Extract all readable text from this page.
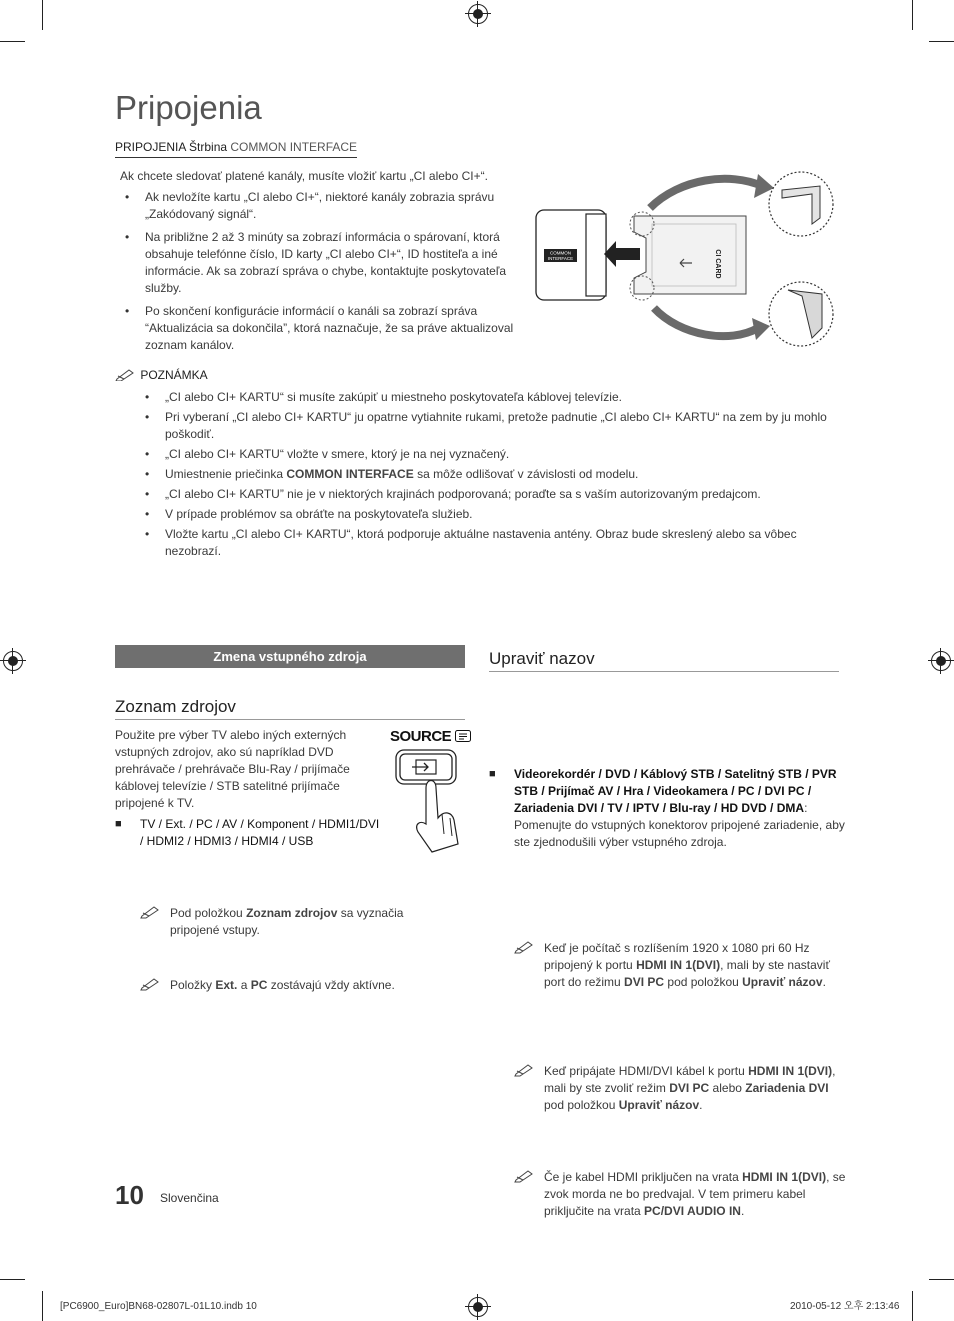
Pripojenia
PRIPOJENIA Štrbina COMMON INTERFACE
Ak chcete sledovať platené kanály, musíte vložiť kartu „CI alebo CI+“.
• Ak nevložíte kartu „CI alebo CI+“, niektoré kanály zobrazia správu „Zakódovaný signál“.
• Na približne 2 až 3 minúty sa zobrazí informácia o spárovaní, ktorá obsahuje telefónne číslo, ID karty „CI alebo CI+“, ID hostiteľa a iné informácie. Ak sa zobrazí správa o chybe, kontaktujte poskytovateľa služby.
• Po skončení konfigurácie informácií o kanáli sa zobrazí správa “Aktualizácia sa dokončila”, ktorá naznačuje, že sa práve aktualizoval zoznam kanálov.
COMMON
INTERFACE	CI CARD
POZNÁMKA
• „CI alebo CI+ KARTU“ si musíte zakúpiť u miestneho poskytovateľa káblovej televízie.
• Pri vyberaní „CI alebo CI+ KARTU“ ju opatrne vytiahnite rukami, pretože padnutie „CI alebo CI+ KARTU“ na zem by ju mohlo poškodiť.
• „CI alebo CI+ KARTU“ vložte v smere, ktorý je na nej vyznačený.
• Umiestnenie priečinka COMMON INTERFACE sa môže odlišovať v závislosti od modelu.
• „CI alebo CI+ KARTU” nie je v niektorých krajinách podporovaná; poraďte sa s vaším autorizovaným predajcom.
• V prípade problémov sa obráťte na poskytovateľa služieb.
• Vložte kartu „CI alebo CI+ KARTU“, ktorá podporuje aktuálne nastavenia antény. Obraz bude skreslený alebo sa vôbec nezobrazí.
Zmena vstupného zdroja
Zoznam zdrojov
SOURCE
Použite pre výber TV alebo iných externých vstupných zdrojov, ako sú napríklad DVD prehrávače / prehrávače Blu-Ray / prijímače káblovej televízie / STB satelitné prijímače pripojené k TV.
■ TV / Ext. / PC / AV / Komponent / HDMI1/DVI / HDMI2 / HDMI3 / HDMI4 / USB
Pod položkou Zoznam zdrojov sa vyznačia pripojené vstupy.
Položky Ext. a PC zostávajú vždy aktívne.
Upraviť nazov
■ Videorekordér / DVD / Káblový STB / Satelitný STB / PVR STB / Prijímač AV / Hra / Videokamera / PC / DVI PC / Zariadenia DVI / TV / IPTV / Blu-ray / HD DVD / DMA: Pomenujte do vstupných konektorov pripojené zariadenie, aby ste zjednodušili výber vstupného zdroja.
Keď je počítač s rozlíšením 1920 x 1080 pri 60 Hz pripojený k portu HDMI IN 1(DVI), mali by ste nastaviť port do režimu DVI PC pod položkou Upraviť názov.
Keď pripájate HDMI/DVI kábel k portu HDMI IN 1(DVI), mali by ste zvoliť režim DVI PC alebo Zariadenia DVI pod položkou Upraviť názov.
Če je kabel HDMI priključen na vrata HDMI IN 1(DVI), se zvok morda ne bo predvajal. V tem primeru kabel priključite na vrata PC/DVI AUDIO IN.
10 Slovenčina
[PC6900_Euro]BN68-02807L-01L10.indb 10	2010-05-12 오후 2:13:46
